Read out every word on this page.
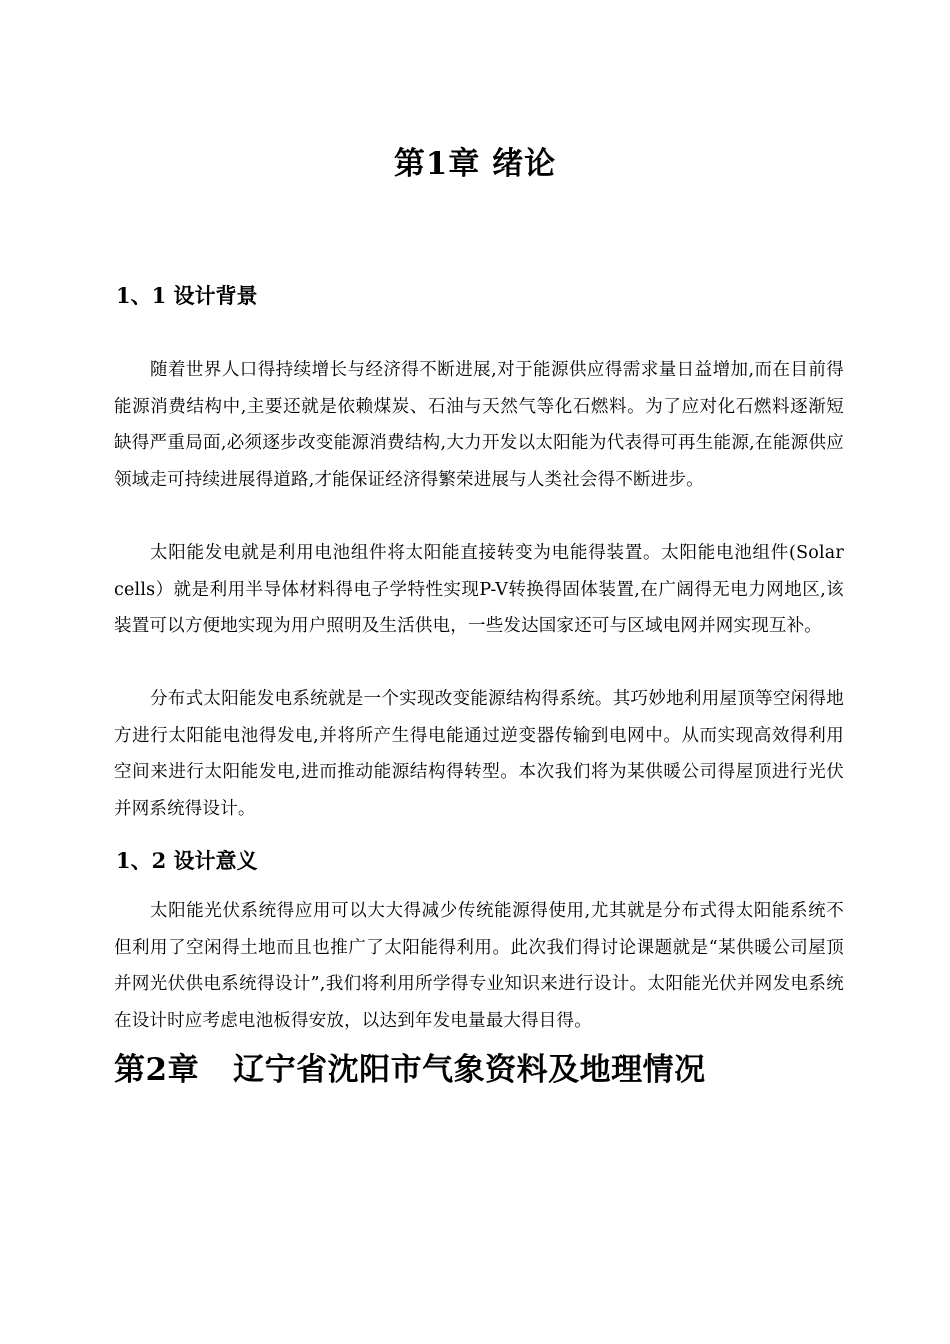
第1章 绪论
1、1 设计背景

随着世界人口得持续增长与经济得不断进展,对于能源供应得需求量日益增加,而在目前得能源消费结构中,主要还就是依赖煤炭、石油与天然气等化石燃料。为了应对化石燃料逐渐短缺得严重局面,必须逐步改变能源消费结构,大力开发以太阳能为代表得可再生能源,在能源供应领域走可持续进展得道路,才能保证经济得繁荣进展与人类社会得不断进步。

太阳能发电就是利用电池组件将太阳能直接转变为电能得装置。太阳能电池组件(Solar cells）就是利用半导体材料得电子学特性实现P-V转换得固体装置,在广阔得无电力网地区,该装置可以方便地实现为用户照明及生活供电，一些发达国家还可与区域电网并网实现互补。

分布式太阳能发电系统就是一个实现改变能源结构得系统。其巧妙地利用屋顶等空闲得地方进行太阳能电池得发电,并将所产生得电能通过逆变器传输到电网中。从而实现高效得利用空间来进行太阳能发电,进而推动能源结构得转型。本次我们将为某供暖公司得屋顶进行光伏并网系统得设计。

1、2 设计意义

太阳能光伏系统得应用可以大大得减少传统能源得使用,尤其就是分布式得太阳能系统不但利用了空闲得土地而且也推广了太阳能得利用。此次我们得讨论课题就是“某供暖公司屋顶并网光伏供电系统得设计”,我们将利用所学得专业知识来进行设计。太阳能光伏并网发电系统在设计时应考虑电池板得安放，以达到年发电量最大得目得。

第2章 辽宁省沈阳市气象资料及地理情况
